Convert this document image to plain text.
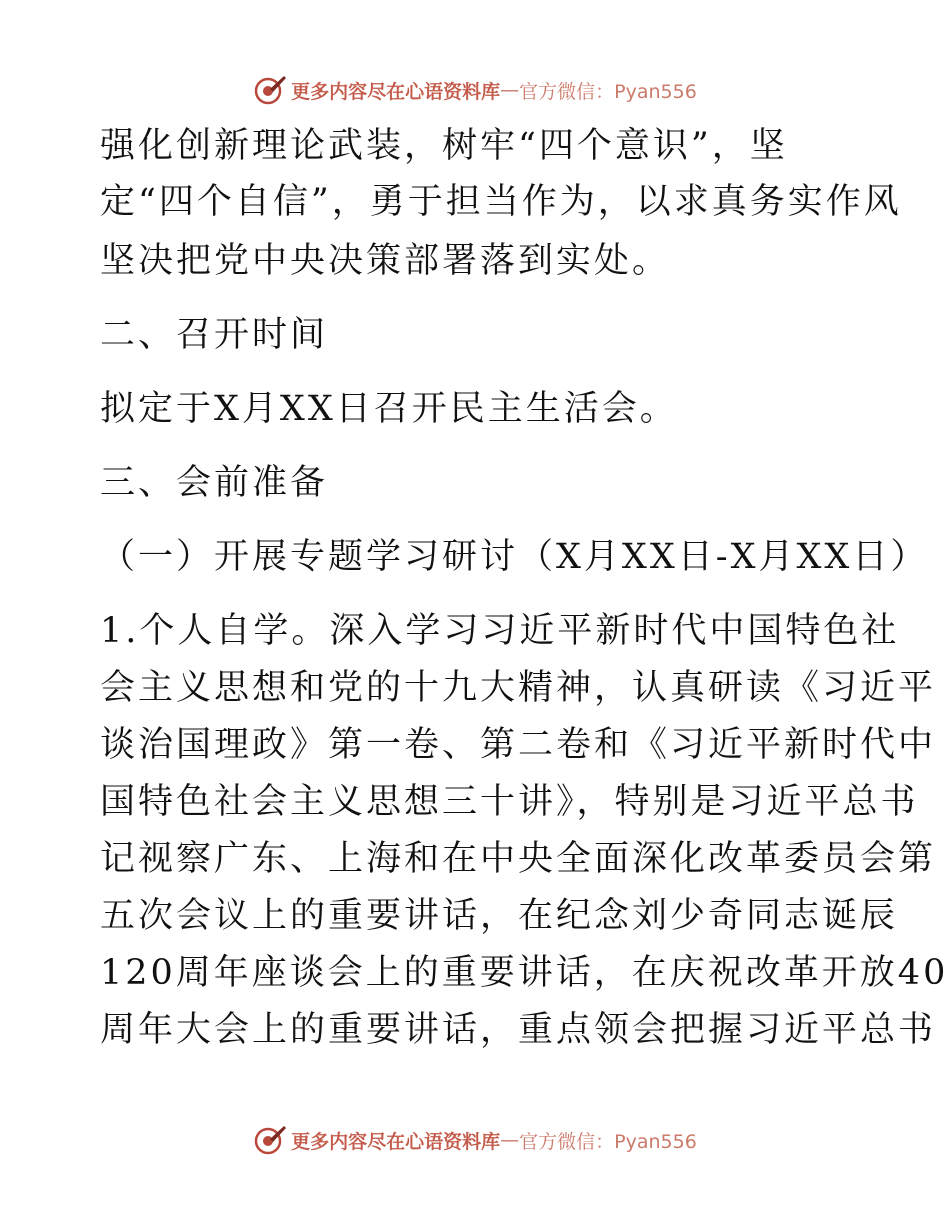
更多内容尽在心语资料库 — 官方微信：Pyan556
强化创新理论武装，树牢“四个意识”，坚
定“四个自信”，勇于担当作为，以求真务实作风
坚决把党中央决策部署落到实处。
二、召开时间
拟定于X月XX日召开民主生活会。
三、会前准备
（一）开展专题学习研讨（X月XX日-X月XX日）
1.个人自学。深入学习习近平新时代中国特色社
会主义思想和党的十九大精神，认真研读《习近平
谈治国理政》第一卷、第二卷和《习近平新时代中
国特色社会主义思想三十讲》，特别是习近平总书
记视察广东、上海和在中央全面深化改革委员会第
五次会议上的重要讲话，在纪念刘少奇同志诞辰
120周年座谈会上的重要讲话，在庆祝改革开放40
周年大会上的重要讲话，重点领会把握习近平总书
更多内容尽在心语资料库 — 官方微信：Pyan556
